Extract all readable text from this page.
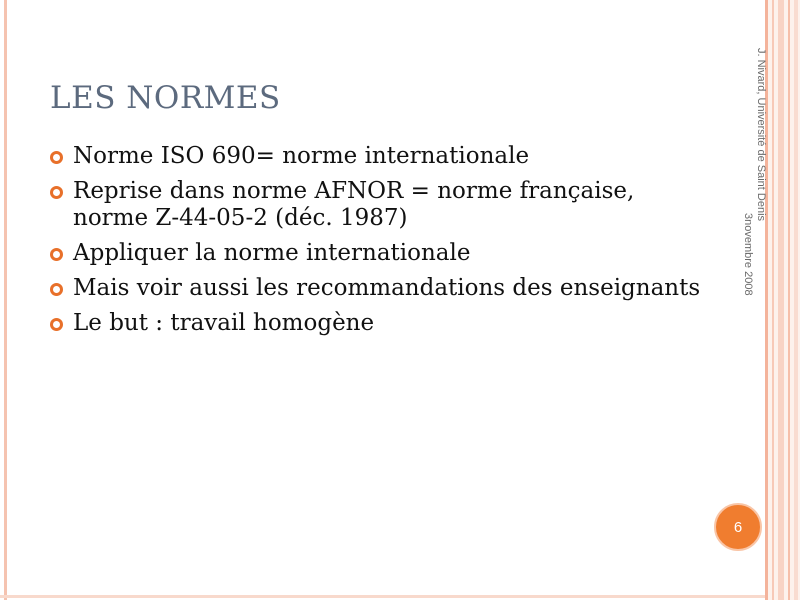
LES NORMES
Norme ISO 690= norme internationale
Reprise dans norme AFNOR = norme française, norme Z-44-05-2 (déc. 1987)
Appliquer la norme internationale
Mais voir aussi les recommandations des enseignants
Le but : travail homogène
J. Nivard, Université de Saint Denis
3novembre 2008
6
